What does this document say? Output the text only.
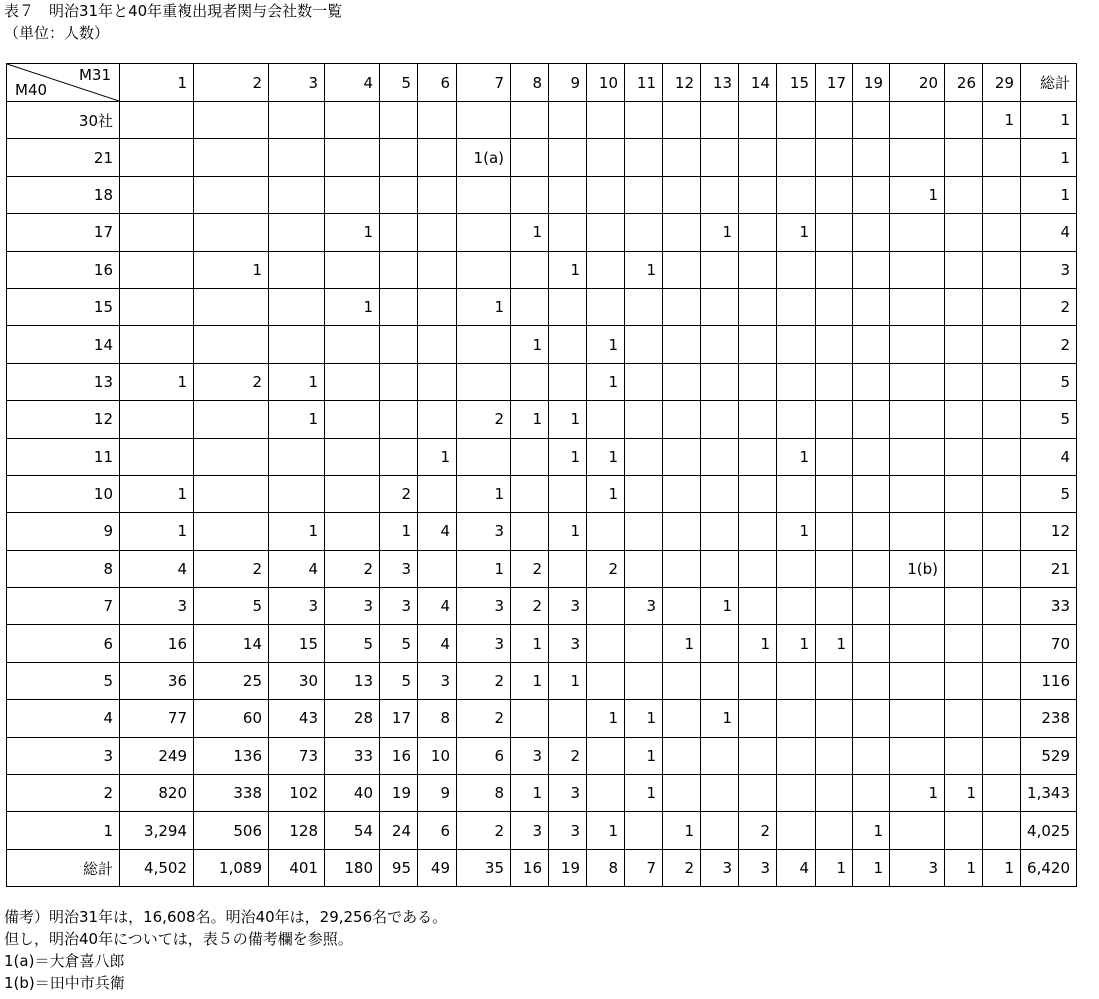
表７　明治31年と40年重複出現者関与会社数一覧
（単位：人数）
M31
M40	1	2	3	4	5	6	7	8	9	10	11	12	13	14	15	17	19	20	26	29	総計
30社																				1	1
21							1(a)														1
18																		1			1
17				1				1					1		1						4
16		1							1		1										3
15				1			1														2
14								1		1											2
13	1	2	1							1											5
12			1				2	1	1												5
11						1			1	1					1						4
10	1				2		1			1											5
9	1		1		1	4	3		1						1						12
8	4	2	4	2	3		1	2		2								1(b)			21
7	3	5	3	3	3	4	3	2	3		3		1								33
6	16	14	15	5	5	4	3	1	3			1		1	1	1					70
5	36	25	30	13	5	3	2	1	1												116
4	77	60	43	28	17	8	2			1	1		1								238
3	249	136	73	33	16	10	6	3	2		1										529
2	820	338	102	40	19	9	8	1	3		1							1	1		1,343
1	3,294	506	128	54	24	6	2	3	3	1		1		2			1				4,025
総計	4,502	1,089	401	180	95	49	35	16	19	8	7	2	3	3	4	1	1	3	1	1	6,420
備考）明治31年は，16,608名。明治40年は，29,256名である。
但し，明治40年については，表５の備考欄を参照。
1(a)＝大倉喜八郎
1(b)＝田中市兵衛
